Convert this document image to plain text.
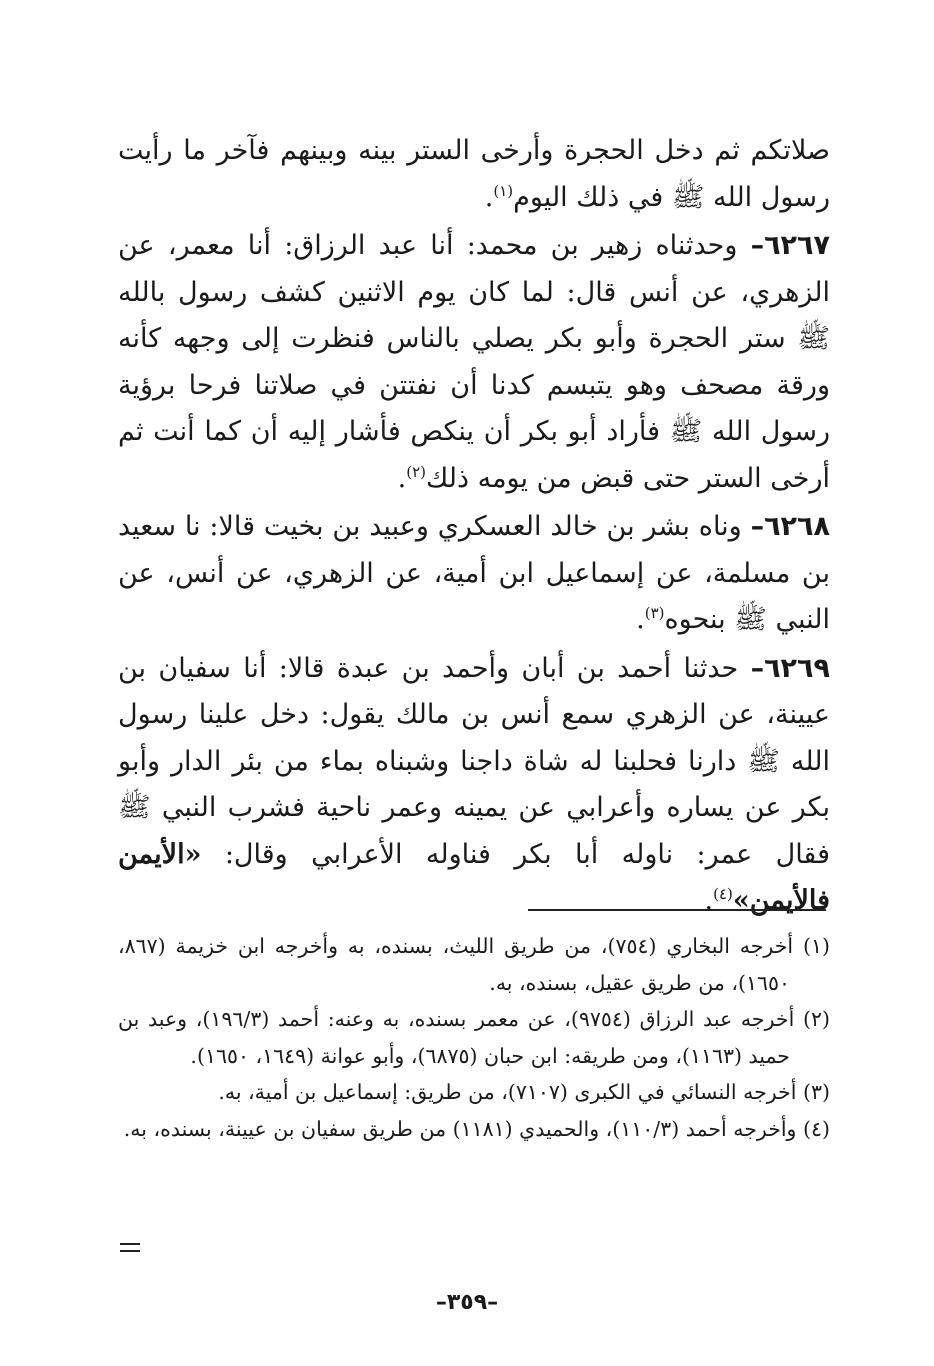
صلاتكم ثم دخل الحجرة وأرخى الستر بينه وبينهم فآخر ما رأيت رسول الله ﷺ في ذلك اليوم$^{(١)}$.

٦٢٦٧– وحدثناه زهير بن محمد: أنا عبد الرزاق: أنا معمر، عن الزهري، عن أنس قال: لما كان يوم الاثنين كشف رسول بالله ﷺ ستر الحجرة وأبو بكر يصلي بالناس فنظرت إلى وجهه كأنه ورقة مصحف وهو يتبسم كدنا أن نفتتن في صلاتنا فرحا برؤية رسول الله ﷺ فأراد أبو بكر أن ينكص فأشار إليه أن كما أنت ثم أرخى الستر حتى قبض من يومه ذلك$^{(٢)}$.

٦٢٦٨– وناه بشر بن خالد العسكري وعبيد بن بخيت قالا: نا سعيد بن مسلمة، عن إسماعيل ابن أمية، عن الزهري، عن أنس، عن النبي ﷺ بنحوه$^{(٣)}$.

٦٢٦٩– حدثنا أحمد بن أبان وأحمد بن عبدة قالا: أنا سفيان بن عيينة، عن الزهري سمع أنس بن مالك يقول: دخل علينا رسول الله ﷺ دارنا فحلبنا له شاة داجنا وشبناه بماء من بئر الدار وأبو بكر عن يساره وأعرابي عن يمينه وعمر ناحية فشرب النبي ﷺ فقال عمر: ناوله أبا بكر فناوله الأعرابي وقال: «الأيمن فالأيمن»$^{(٤)}$.

(١) أخرجه البخاري (٧٥٤)، من طريق الليث، بسنده، به وأخرجه ابن خزيمة (٨٦٧، ١٦٥٠)، من طريق عقيل، بسنده، به.

(٢) أخرجه عبد الرزاق (٩٧٥٤)، عن معمر بسنده، به وعنه: أحمد (١٩٦/٣)، وعبد بن حميد (١١٦٣)، ومن طريقه: ابن حبان (٦٨٧٥)، وأبو عوانة (١٦٤٩، ١٦٥٠).

(٣) أخرجه النسائي في الكبرى (٧١٠٧)، من طريق: إسماعيل بن أمية، به.

(٤) وأخرجه أحمد (١١٠/٣)، والحميدي (١١٨١) من طريق سفيان بن عيينة، بسنده، به.

–٣٥٩–
